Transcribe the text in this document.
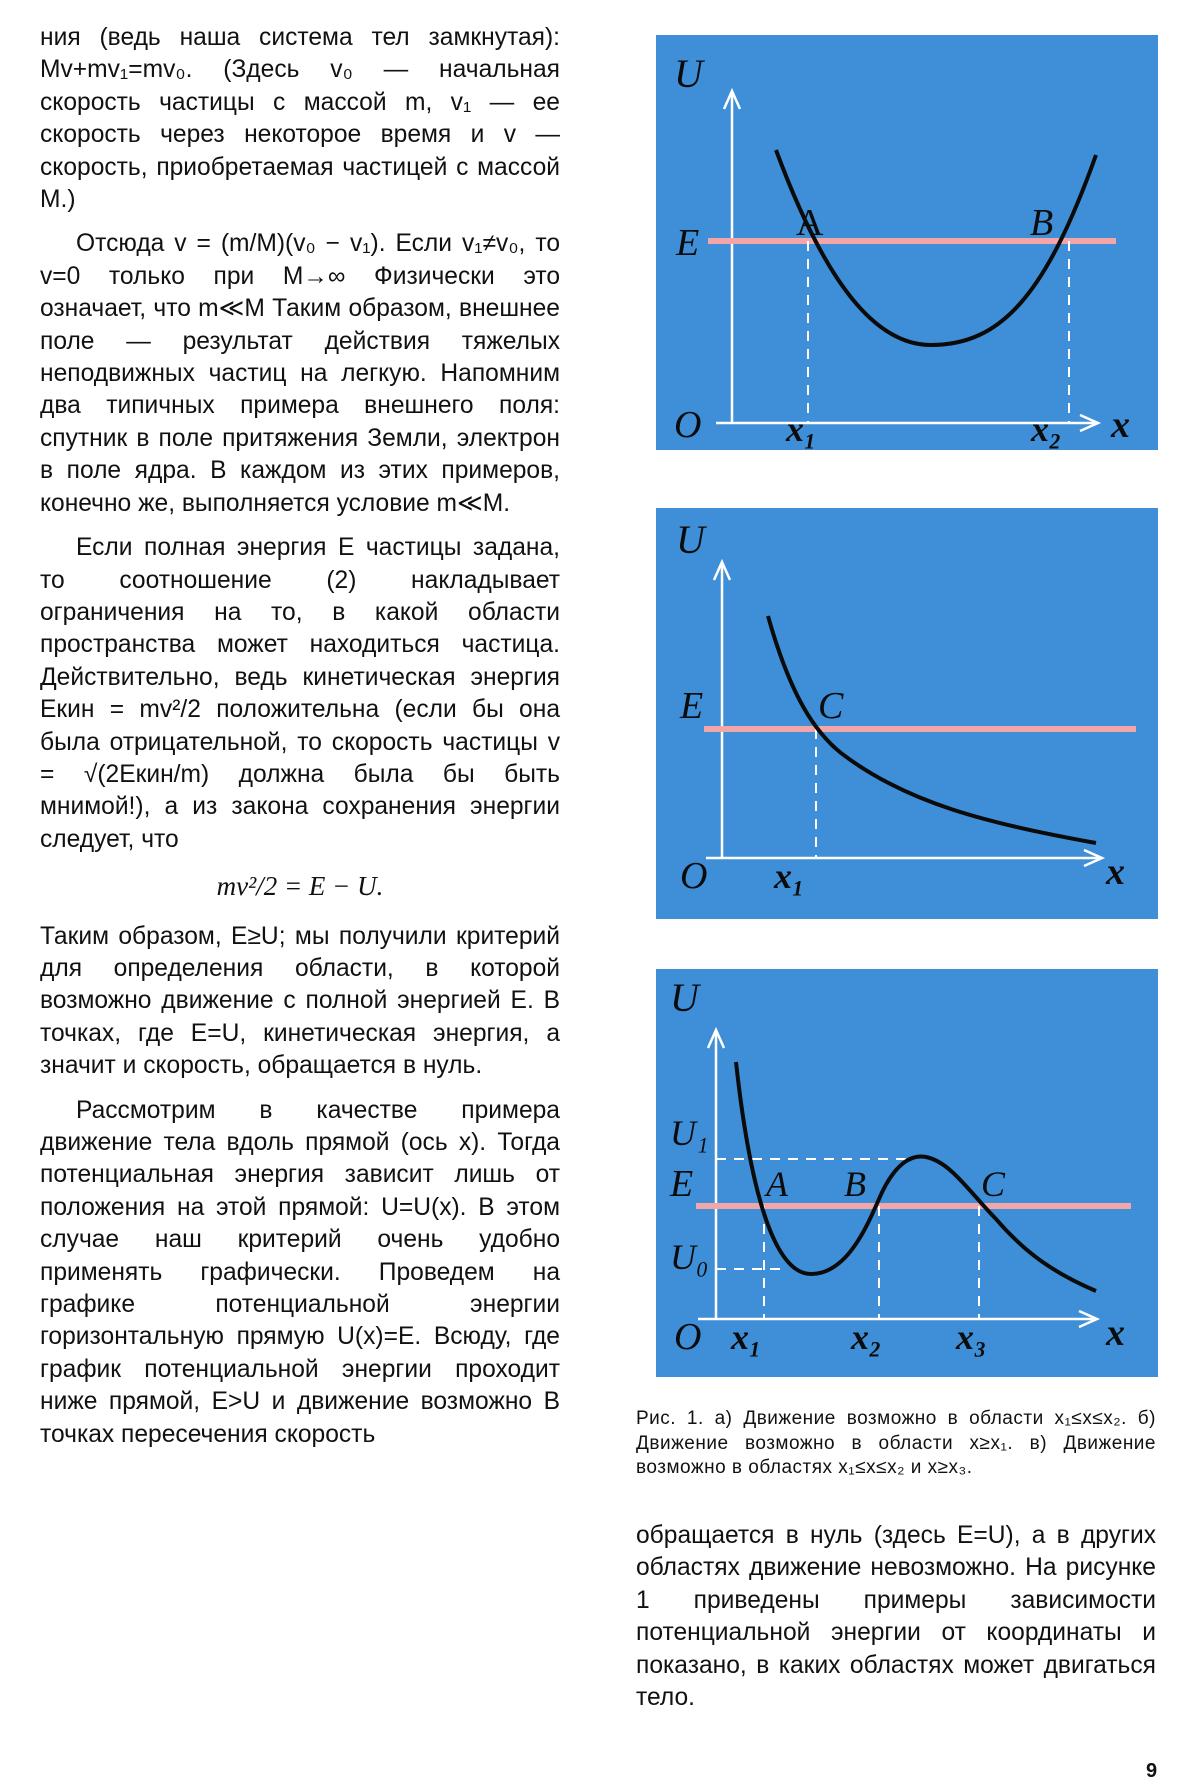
ния (ведь наша система тел замкнутая): Mv+mv₁=mv₀. (Здесь v₀ — начальная скорость частицы с массой m, v₁ — ее скорость через некоторое время и v — скорость, приобретаемая частицей с массой M.)

Отсюда v = (m/M)(v₀ − v₁). Если v₁≠v₀, то v=0 только при M→∞ Физически это означает, что m≪M Таким образом, внешнее поле — результат действия тяжелых неподвижных частиц на легкую. Напомним два типичных примера внешнего поля: спутник в поле притяжения Земли, электрон в поле ядра. В каждом из этих примеров, конечно же, выполняется условие m≪M.

Если полная энергия E частицы задана, то соотношение (2) накладывает ограничения на то, в какой области пространства может находиться частица. Действительно, ведь кинетическая энергия Eкин = mv²/2 положительна (если бы она была отрицательной, то скорость частицы v = √(2Eкин/m) должна была бы быть мнимой!), а из закона сохранения энергии следует, что

mv²/2 = E − U.

Таким образом, E≥U; мы получили критерий для определения области, в которой возможно движение с полной энергией E. В точках, где E=U, кинетическая энергия, а значит и скорость, обращается в нуль.

Рассмотрим в качестве примера движение тела вдоль прямой (ось x). Тогда потенциальная энергия зависит лишь от положения на этой прямой: U=U(x). В этом случае наш критерий очень удобно применять графически. Проведем на графике потенциальной энергии горизонтальную прямую U(x)=E. Всюду, где график потенциальной энергии проходит ниже прямой, E>U и движение возможно В точках пересечения скорость

U
E	A	B
O x₁	x₂ x
U
E	C
O x₁	x
U
U₁
E
U₀
A B	C
O x₁ x₂ x₃	x
Рис. 1. а) Движение возможно в области x₁≤x≤x₂. б) Движение возможно в области x≥x₁. в) Движение возможно в областях x₁≤x≤x₂ и x≥x₃.

обращается в нуль (здесь E=U), а в других областях движение невозможно. На рисунке 1 приведены примеры зависимости потенциальной энергии от координаты и показано, в каких областях может двигаться тело.

9
